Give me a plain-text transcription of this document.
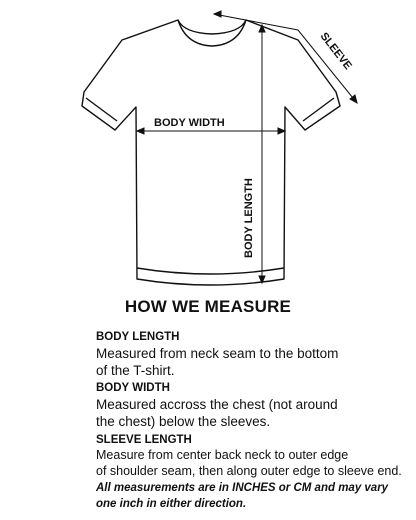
BODY WIDTH
BODY LENGTH
SLEEVE
HOW WE MEASURE
BODY LENGTH
Measured from neck seam to the bottom
of the T-shirt.
BODY WIDTH
Measured accross the chest (not around
the chest) below the sleeves.
SLEEVE LENGTH
Measure from center back neck to outer edge
of shoulder seam, then along outer edge to sleeve end.
All measurements are in INCHES or CM and may vary
one inch in either direction.
